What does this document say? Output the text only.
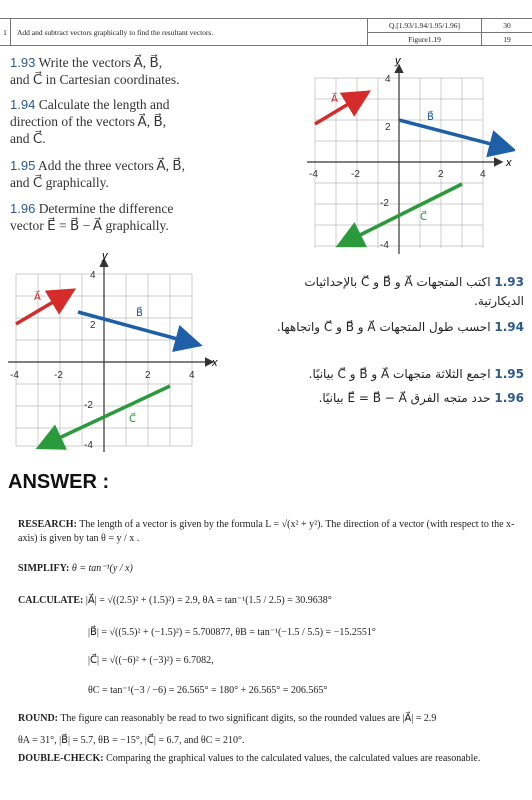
1	Add and subtract vectors graphically to find the resultant vectors.
Q.[1.93/1.94/1.95/1.96]
Figure1.19
30
19
1.93 Write the vectors A⃗, B⃗,
and C⃗ in Cartesian coordinates.
1.94 Calculate the length and
direction of the vectors A⃗, B⃗,
and C⃗.
1.95 Add the three vectors A⃗, B⃗,
and C⃗ graphically.
1.96 Determine the difference
vector E⃗ = B⃗ − A⃗ graphically.
x
y
-4	-2	2	4
4
2
-2
-4
A⃗
B⃗
C⃗
x
y
-4	-2	2	4
4
2
-2
-4
A⃗
B⃗
C⃗
1.93 اكتب المتجهات A⃗ و B⃗ و C⃗ بالإحداثيات الديكارتية.
1.94 احسب طول المتجهات A⃗ و B⃗ و C⃗ واتجاهها.
1.95 اجمع الثلاثة متجهات A⃗ و B⃗ و C⃗ بيانيًا.
1.96 حدد متجه الفرق E⃗ = B⃗ − A⃗ بيانيًا.
ANSWER :
RESEARCH: The length of a vector is given by the formula L = √(x² + y²). The direction of a vector (with respect to the x-axis) is given by tan θ = y / x .
SIMPLIFY: θ = tan⁻¹(y / x)
CALCULATE: |A⃗| = √((2.5)² + (1.5)²) = 2.9, θA = tan⁻¹(1.5 / 2.5) = 30.9638°
|B⃗| = √((5.5)² + (−1.5)²) = 5.700877, θB = tan⁻¹(−1.5 / 5.5) = −15.2551°
|C⃗| = √((−6)² + (−3)²) = 6.7082,
θC = tan⁻¹(−3 / −6) = 26.565° = 180° + 26.565° = 206.565°
ROUND: The figure can reasonably be read to two significant digits, so the rounded values are |A⃗| = 2.9
θA = 31°, |B⃗| = 5.7, θB = −15°, |C⃗| = 6.7, and θC = 210°.
DOUBLE-CHECK: Comparing the graphical values to the calculated values, the calculated values are reasonable.
